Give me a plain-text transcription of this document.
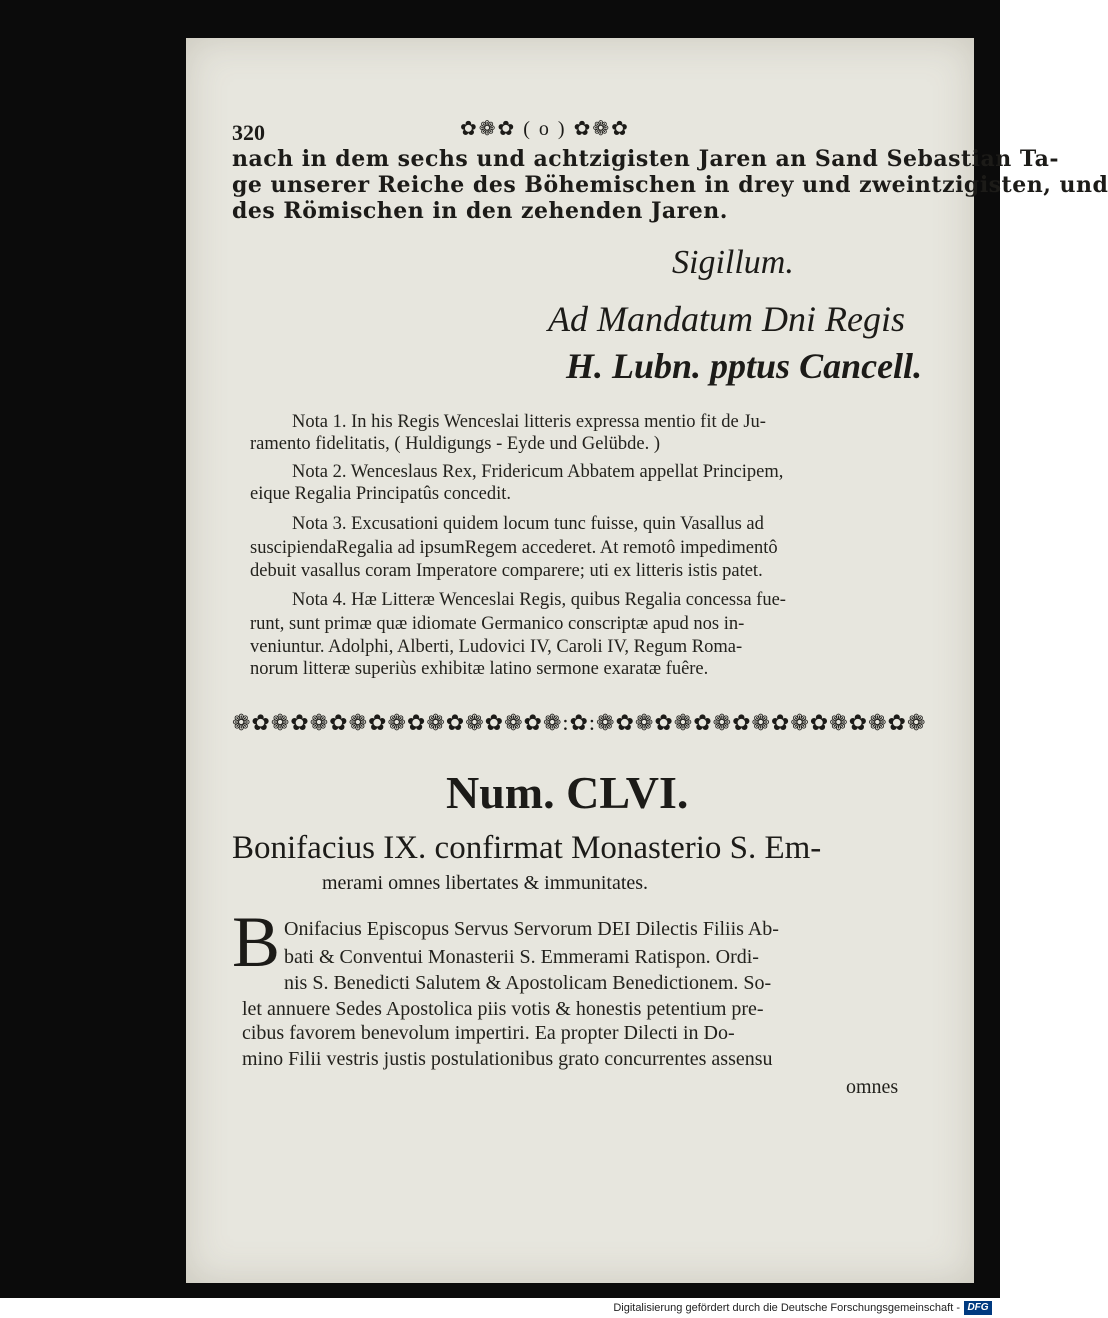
320	✿❁✿ ( o ) ✿❁✿
nach in dem sechs und achtzigisten Jaren an Sand Sebastian Ta-
ge unserer Reiche des Böhemischen in drey und zweintzigisten, und
des Römischen in den zehenden Jaren.
Sigillum.
Ad Mandatum Dni Regis
H. Lubn. pptus Cancell.
Nota 1. In his Regis Wenceslai litteris expressa mentio fit de Ju-
ramento fidelitatis, ( Huldigungs - Eyde und Gelübde. )
Nota 2. Wenceslaus Rex, Fridericum Abbatem appellat Principem,
eique Regalia Principatûs concedit.
Nota 3. Excusationi quidem locum tunc fuisse, quin Vasallus ad
suscipiendaRegalia ad ipsumRegem accederet. At remotô impedimentô
debuit vasallus coram Imperatore comparere; uti ex litteris istis patet.
Nota 4. Hæ Litteræ Wenceslai Regis, quibus Regalia concessa fue-
runt, sunt primæ quæ idiomate Germanico conscriptæ apud nos in-
veniuntur. Adolphi, Alberti, Ludovici IV, Caroli IV, Regum Roma-
norum litteræ superiùs exhibitæ latino sermone exaratæ fuêre.
❁✿❁✿❁✿❁✿❁✿❁✿❁✿❁✿❁:✿:❁✿❁✿❁✿❁✿❁✿❁✿❁✿❁✿❁
Num. CLVI.
Bonifacius IX. confirmat Monasterio S. Em-
merami omnes libertates & immunitates.
B Onifacius Episcopus Servus Servorum DEI Dilectis Filiis Ab-
bati & Conventui Monasterii S. Emmerami Ratispon. Ordi-
nis S. Benedicti Salutem & Apostolicam Benedictionem. So-
let annuere Sedes Apostolica piis votis & honestis petentium pre-
cibus favorem benevolum impertiri. Ea propter Dilecti in Do-
mino Filii vestris justis postulationibus grato concurrentes assensu
omnes
Digitalisierung gefördert durch die Deutsche Forschungsgemeinschaft - DFG
